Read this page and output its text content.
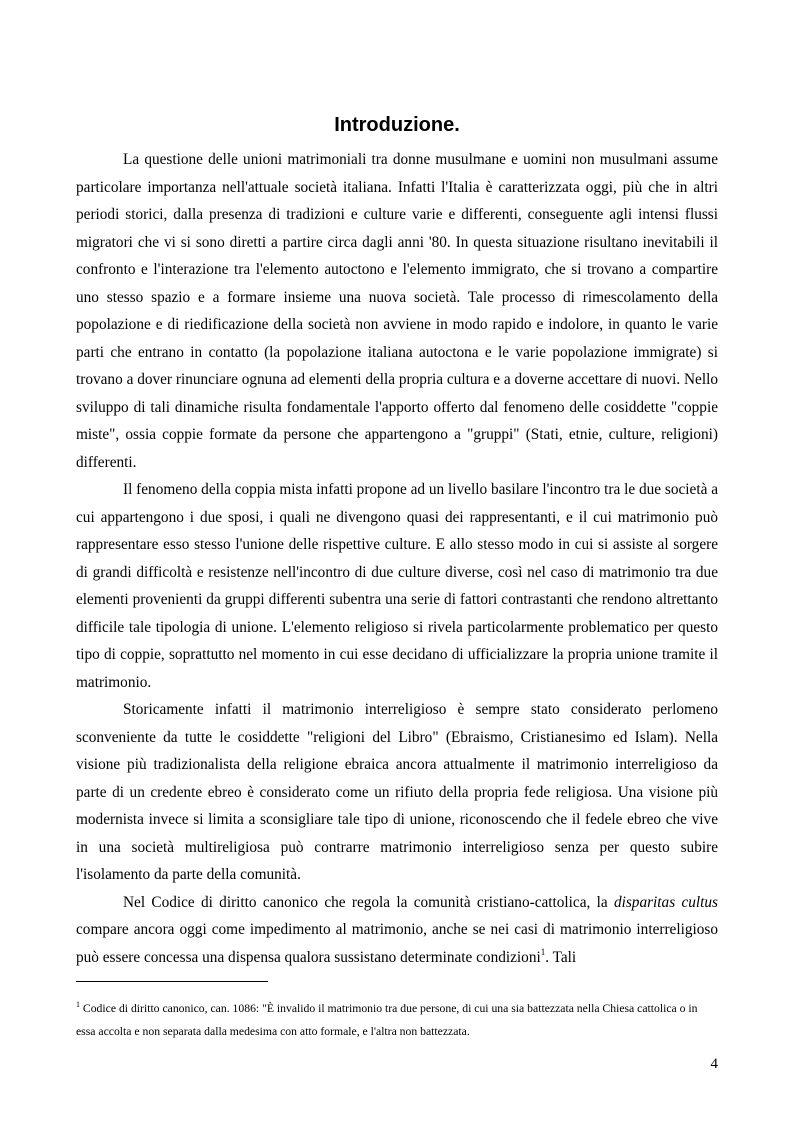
Introduzione.

La questione delle unioni matrimoniali tra donne musulmane e uomini non musulmani assume particolare importanza nell'attuale società italiana. Infatti l'Italia è caratterizzata oggi, più che in altri periodi storici, dalla presenza di tradizioni e culture varie e differenti, conseguente agli intensi flussi migratori che vi si sono diretti a partire circa dagli anni '80. In questa situazione risultano inevitabili il confronto e l'interazione tra l'elemento autoctono e l'elemento immigrato, che si trovano a compartire uno stesso spazio e a formare insieme una nuova società. Tale processo di rimescolamento della popolazione e di riedificazione della società non avviene in modo rapido e indolore, in quanto le varie parti che entrano in contatto (la popolazione italiana autoctona e le varie popolazione immigrate) si trovano a dover rinunciare ognuna ad elementi della propria cultura e a doverne accettare di nuovi. Nello sviluppo di tali dinamiche risulta fondamentale l'apporto offerto dal fenomeno delle cosiddette "coppie miste", ossia coppie formate da persone che appartengono a "gruppi" (Stati, etnie, culture, religioni) differenti.

Il fenomeno della coppia mista infatti propone ad un livello basilare l'incontro tra le due società a cui appartengono i due sposi, i quali ne divengono quasi dei rappresentanti, e il cui matrimonio può rappresentare esso stesso l'unione delle rispettive culture. E allo stesso modo in cui si assiste al sorgere di grandi difficoltà e resistenze nell'incontro di due culture diverse, così nel caso di matrimonio tra due elementi provenienti da gruppi differenti subentra una serie di fattori contrastanti che rendono altrettanto difficile tale tipologia di unione. L'elemento religioso si rivela particolarmente problematico per questo tipo di coppie, soprattutto nel momento in cui esse decidano di ufficializzare la propria unione tramite il matrimonio.

Storicamente infatti il matrimonio interreligioso è sempre stato considerato perlomeno sconveniente da tutte le cosiddette "religioni del Libro" (Ebraismo, Cristianesimo ed Islam). Nella visione più tradizionalista della religione ebraica ancora attualmente il matrimonio interreligioso da parte di un credente ebreo è considerato come un rifiuto della propria fede religiosa. Una visione più modernista invece si limita a sconsigliare tale tipo di unione, riconoscendo che il fedele ebreo che vive in una società multireligiosa può contrarre matrimonio interreligioso senza per questo subire l'isolamento da parte della comunità.

Nel Codice di diritto canonico che regola la comunità cristiano-cattolica, la disparitas cultus compare ancora oggi come impedimento al matrimonio, anche se nei casi di matrimonio interreligioso può essere concessa una dispensa qualora sussistano determinate condizioni$^1$. Tali

$^1$ Codice di diritto canonico, can. 1086: "È invalido il matrimonio tra due persone, di cui una sia battezzata nella Chiesa cattolica o in essa accolta e non separata dalla medesima con atto formale, e l'altra non battezzata.

4
